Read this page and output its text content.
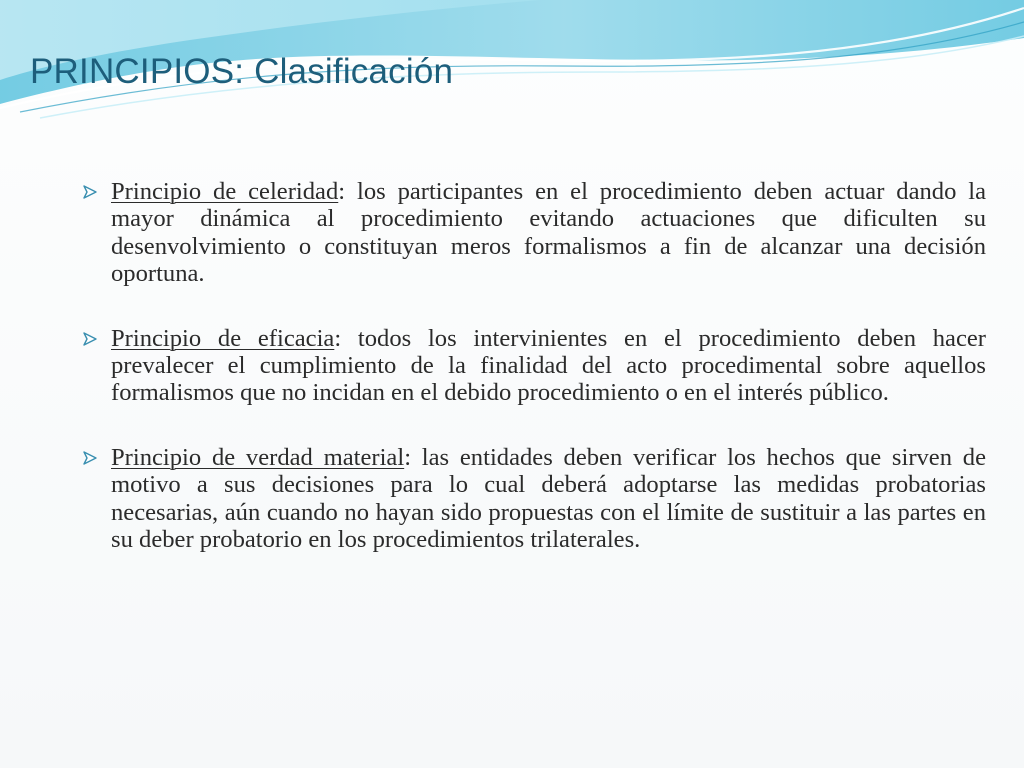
PRINCIPIOS: Clasificación
Principio de celeridad: los participantes en el procedimiento deben actuar dando la mayor dinámica al procedimiento evitando actuaciones que dificulten su desenvolvimiento o constituyan meros formalismos a fin de alcanzar una decisión oportuna.
Principio de eficacia: todos los intervinientes en el procedimiento deben hacer prevalecer el cumplimiento de la finalidad del acto procedimental sobre aquellos formalismos que no incidan en el debido procedimiento o en el interés público.
Principio de verdad material: las entidades deben verificar los hechos que sirven de motivo a sus decisiones para lo cual deberá adoptarse las medidas probatorias necesarias, aún cuando no hayan sido propuestas con el límite de sustituir a las partes en su deber probatorio en los procedimientos trilaterales.
